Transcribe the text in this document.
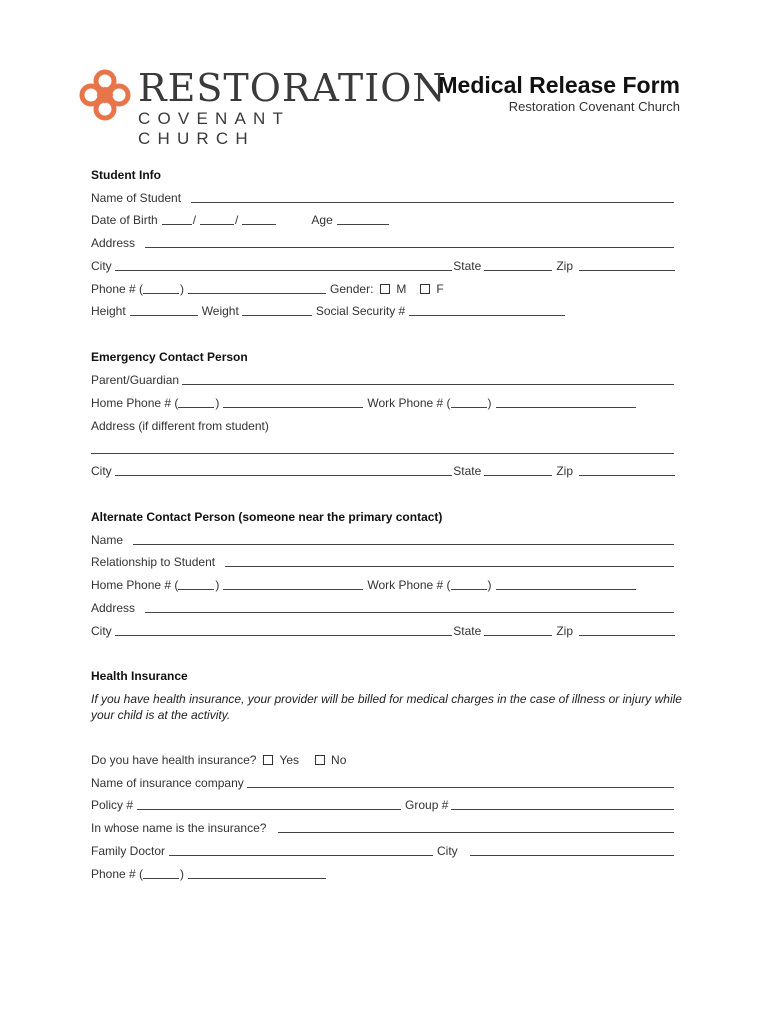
RESTORATION
COVENANT CHURCH
Medical Release Form
Restoration Covenant Church
Student Info
Name of Student
Date of Birth	/	/	Age
Address
City	State	Zip
Phone # (	)	Gender: M	F
Height	Weight	Social Security #
Emergency Contact Person
Parent/Guardian
Home Phone # (	)	Work Phone # (	)
Address (if different from student)
City	State	Zip
Alternate Contact Person (someone near the primary contact)
Name
Relationship to Student
Home Phone # (	)	Work Phone # (	)
Address
City	State	Zip
Health Insurance
If you have health insurance, your provider will be billed for medical charges in the case of illness or injury while your child is at the activity.
Do you have health insurance? Yes	No
Name of insurance company
Policy #	Group #
In whose name is the insurance?
Family Doctor	City
Phone # (	)
